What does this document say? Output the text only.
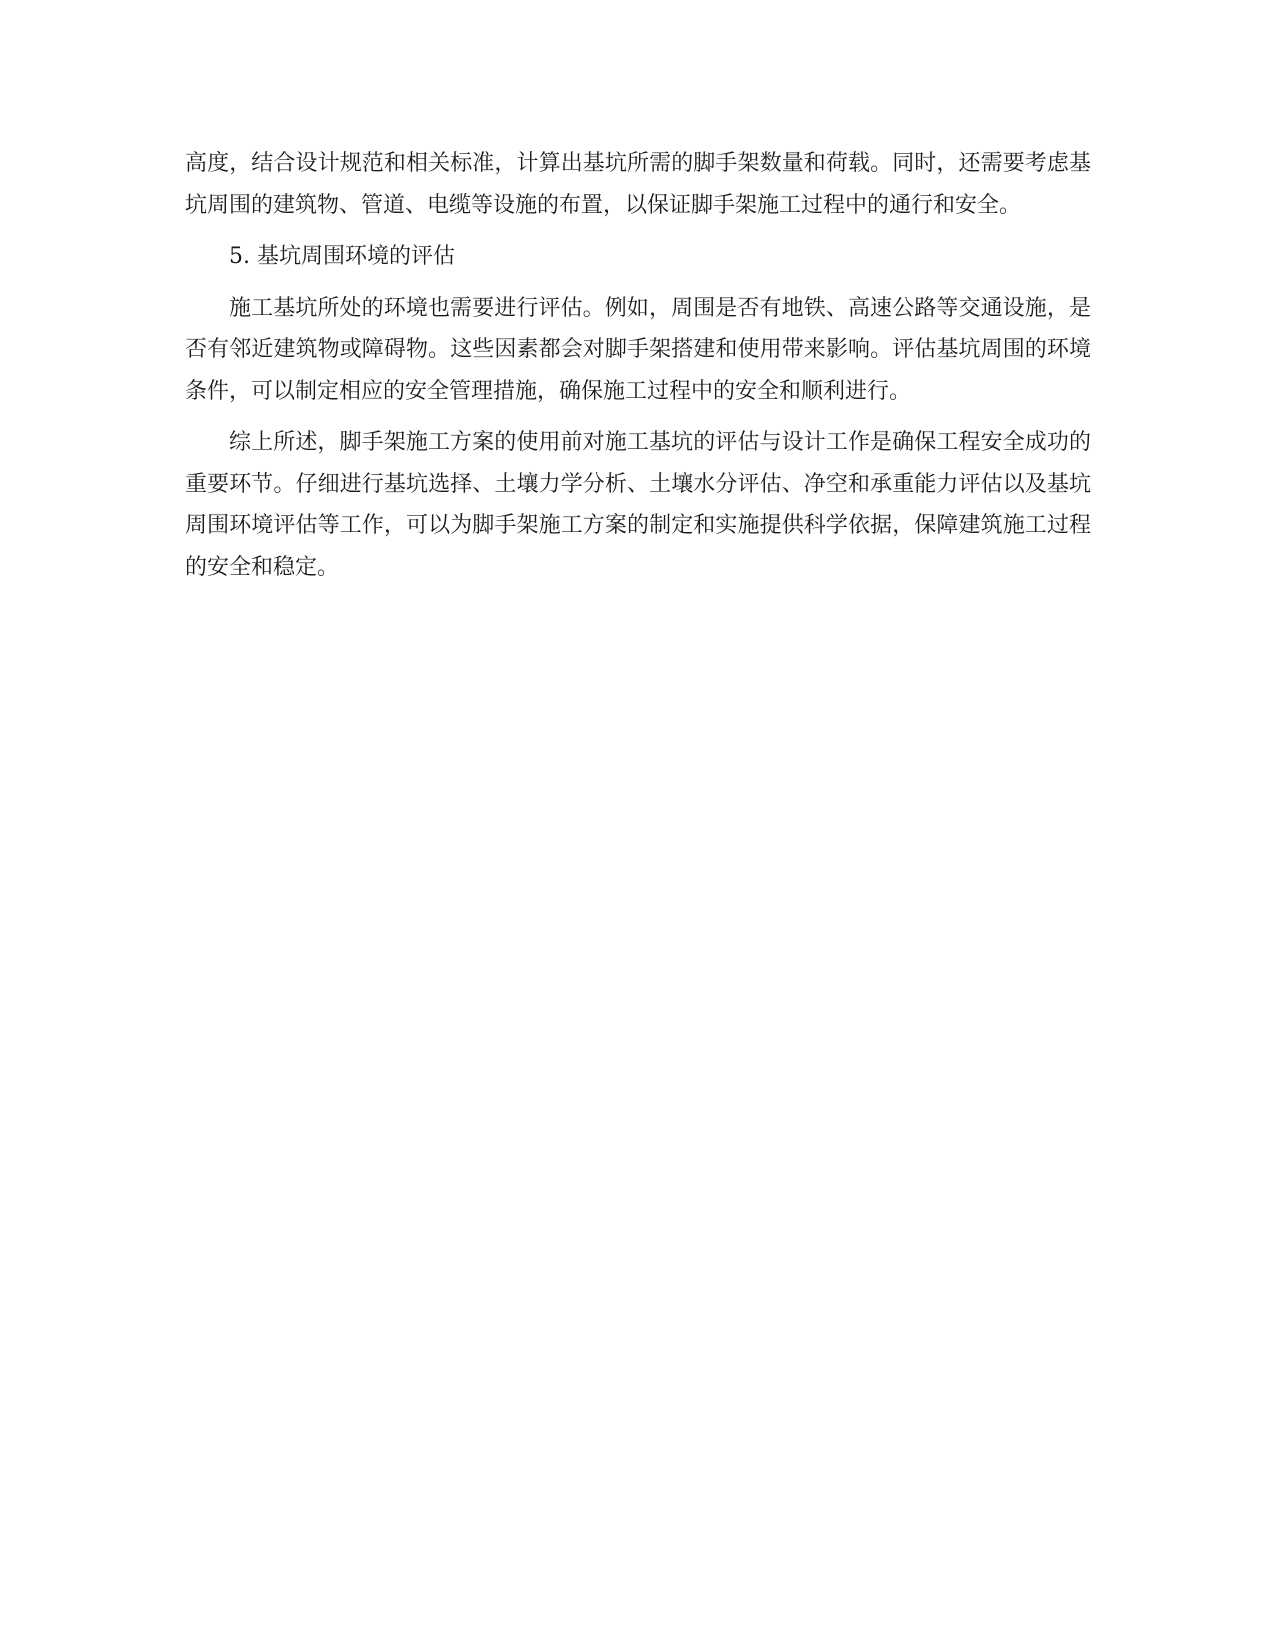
高度，结合设计规范和相关标准，计算出基坑所需的脚手架数量和荷载。同时，还需要考虑基坑周围的建筑物、管道、电缆等设施的布置，以保证脚手架施工过程中的通行和安全。

5. 基坑周围环境的评估

施工基坑所处的环境也需要进行评估。例如，周围是否有地铁、高速公路等交通设施，是否有邻近建筑物或障碍物。这些因素都会对脚手架搭建和使用带来影响。评估基坑周围的环境条件，可以制定相应的安全管理措施，确保施工过程中的安全和顺利进行。

综上所述，脚手架施工方案的使用前对施工基坑的评估与设计工作是确保工程安全成功的重要环节。仔细进行基坑选择、土壤力学分析、土壤水分评估、净空和承重能力评估以及基坑周围环境评估等工作，可以为脚手架施工方案的制定和实施提供科学依据，保障建筑施工过程的安全和稳定。
